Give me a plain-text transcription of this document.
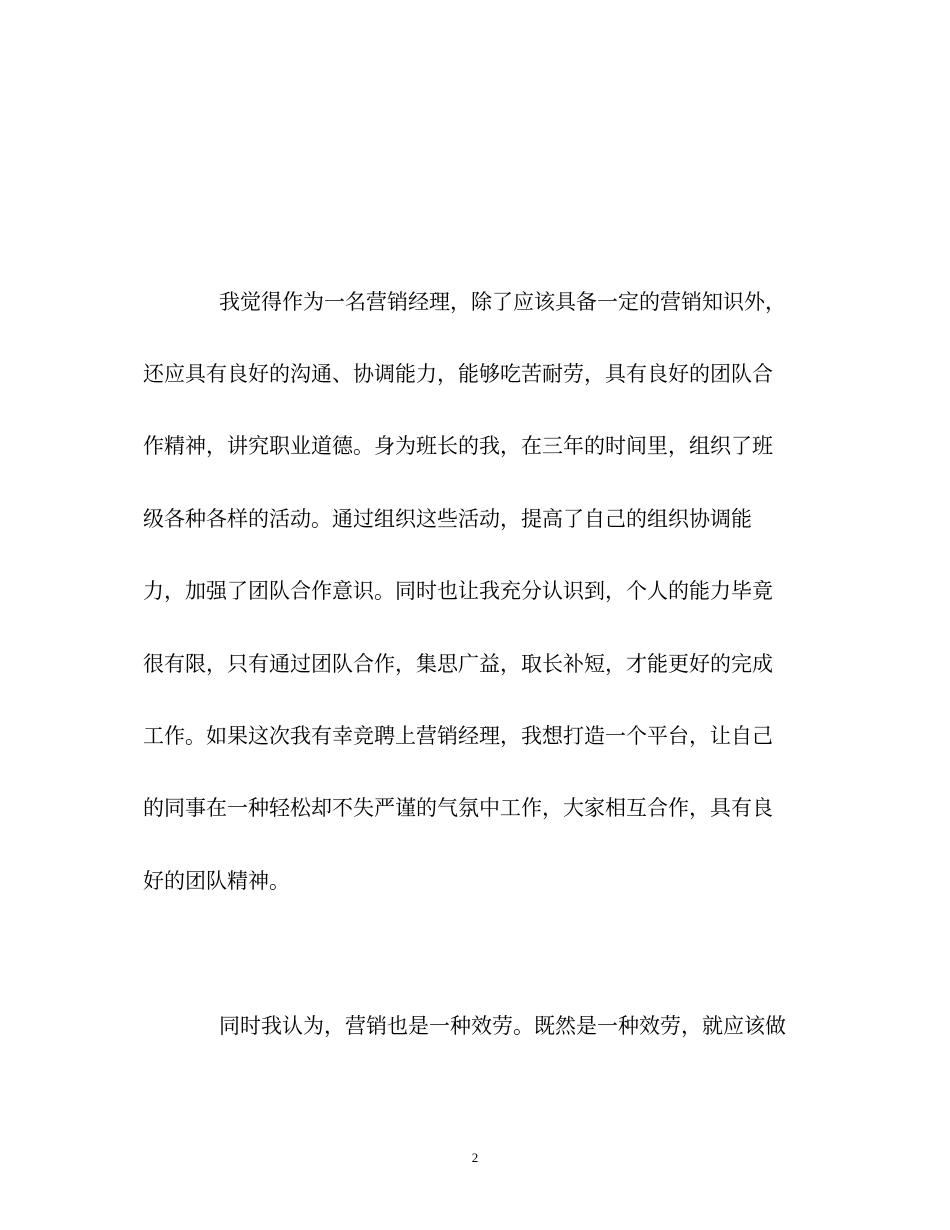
我觉得作为一名营销经理，除了应该具备一定的营销知识外，
还应具有良好的沟通、协调能力，能够吃苦耐劳，具有良好的团队合
作精神，讲究职业道德。身为班长的我，在三年的时间里，组织了班
级各种各样的活动。通过组织这些活动，提高了自己的组织协调能
力，加强了团队合作意识。同时也让我充分认识到，个人的能力毕竟
很有限，只有通过团队合作，集思广益，取长补短，才能更好的完成
工作。如果这次我有幸竞聘上营销经理，我想打造一个平台，让自己
的同事在一种轻松却不失严谨的气氛中工作，大家相互合作，具有良
好的团队精神。
同时我认为，营销也是一种效劳。既然是一种效劳，就应该做
2
